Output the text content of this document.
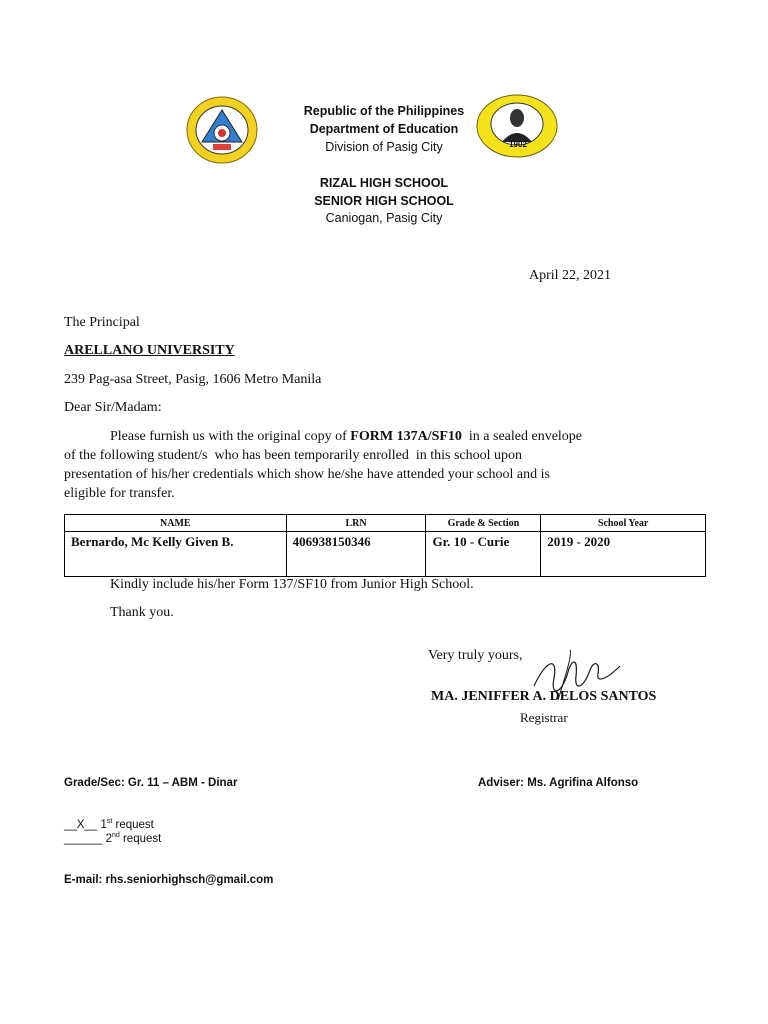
1902
Republic of the Philippines
Department of Education
Division of Pasig City
RIZAL HIGH SCHOOL
SENIOR HIGH SCHOOL
Caniogan, Pasig City
April 22, 2021
The Principal
ARELLANO UNIVERSITY
239 Pag-asa Street, Pasig, 1606 Metro Manila
Dear Sir/Madam:
Please furnish us with the original copy of FORM 137A/SF10  in a sealed envelope
of the following student/s  who has been temporarily enrolled  in this school upon
presentation of his/her credentials which show he/she have attended your school and is
eligible for transfer.
NAME	LRN	Grade & Section	School Year
Bernardo, Mc Kelly Given B.	406938150346	Gr. 10 - Curie	2019 - 2020
Kindly include his/her Form 137/SF10 from Junior High School.
Thank you.
Very truly yours,
MA. JENIFFER A. DELOS SANTOS
Registrar
Grade/Sec: Gr. 11 – ABM - Dinar	Adviser: Ms. Agrifina Alfonso
__X__ 1st request
______ 2nd request
E-mail: rhs.seniorhighsch@gmail.com
